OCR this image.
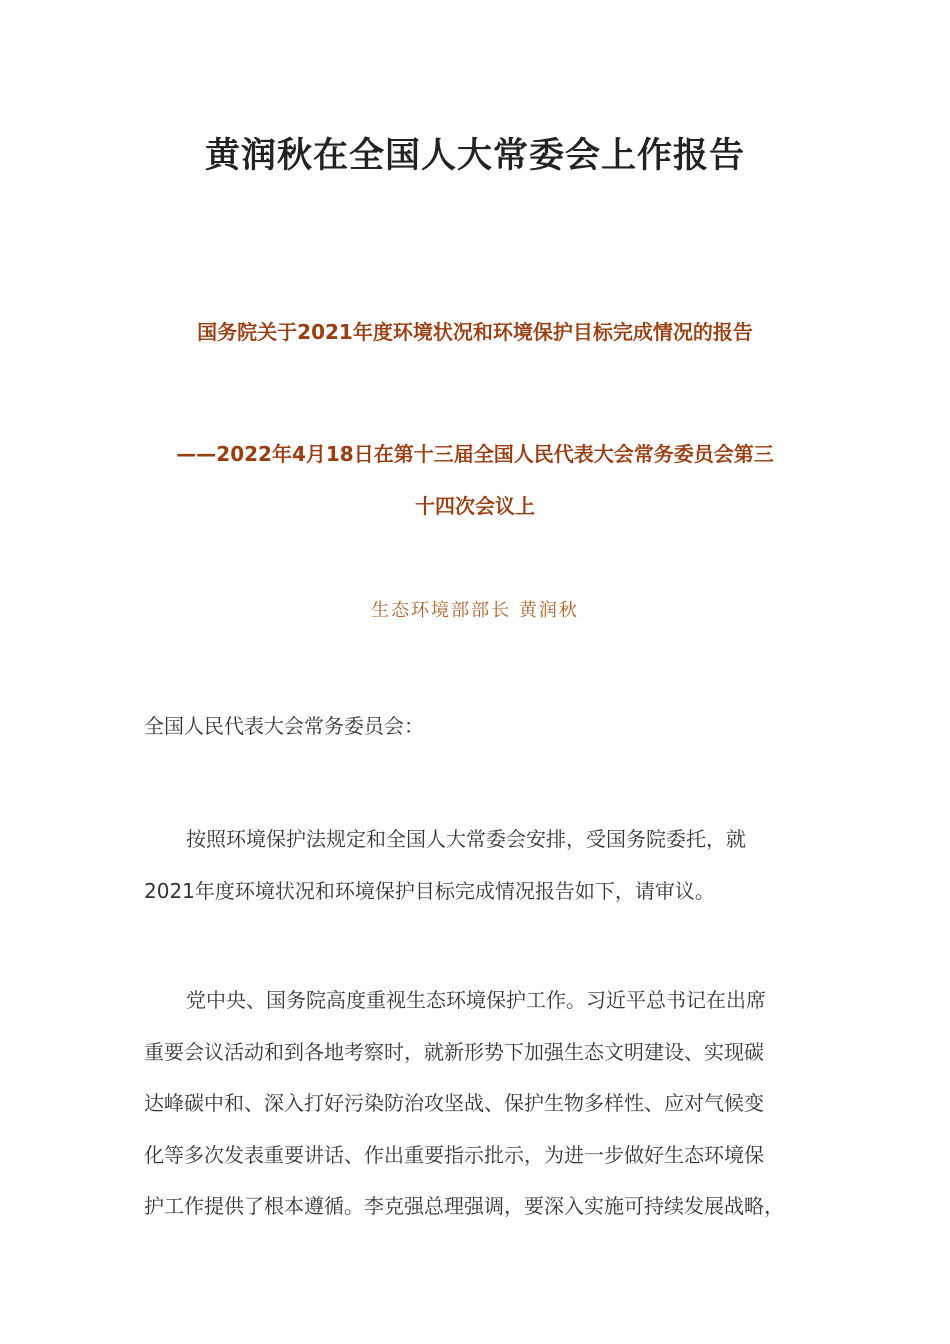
黄润秋在全国人大常委会上作报告
国务院关于2021年度环境状况和环境保护目标完成情况的报告
——2022年4月18日在第十三届全国人民代表大会常务委员会第三
十四次会议上

生态环境部部长 黄润秋

全国人民代表大会常务委员会：

按照环境保护法规定和全国人大常委会安排，受国务院委托，就
2021年度环境状况和环境保护目标完成情况报告如下，请审议。
党中央、国务院高度重视生态环境保护工作。习近平总书记在出席
重要会议活动和到各地考察时，就新形势下加强生态文明建设、实现碳
达峰碳中和、深入打好污染防治攻坚战、保护生物多样性、应对气候变
化等多次发表重要讲话、作出重要指示批示，为进一步做好生态环境保
护工作提供了根本遵循。李克强总理强调，要深入实施可持续发展战略，
